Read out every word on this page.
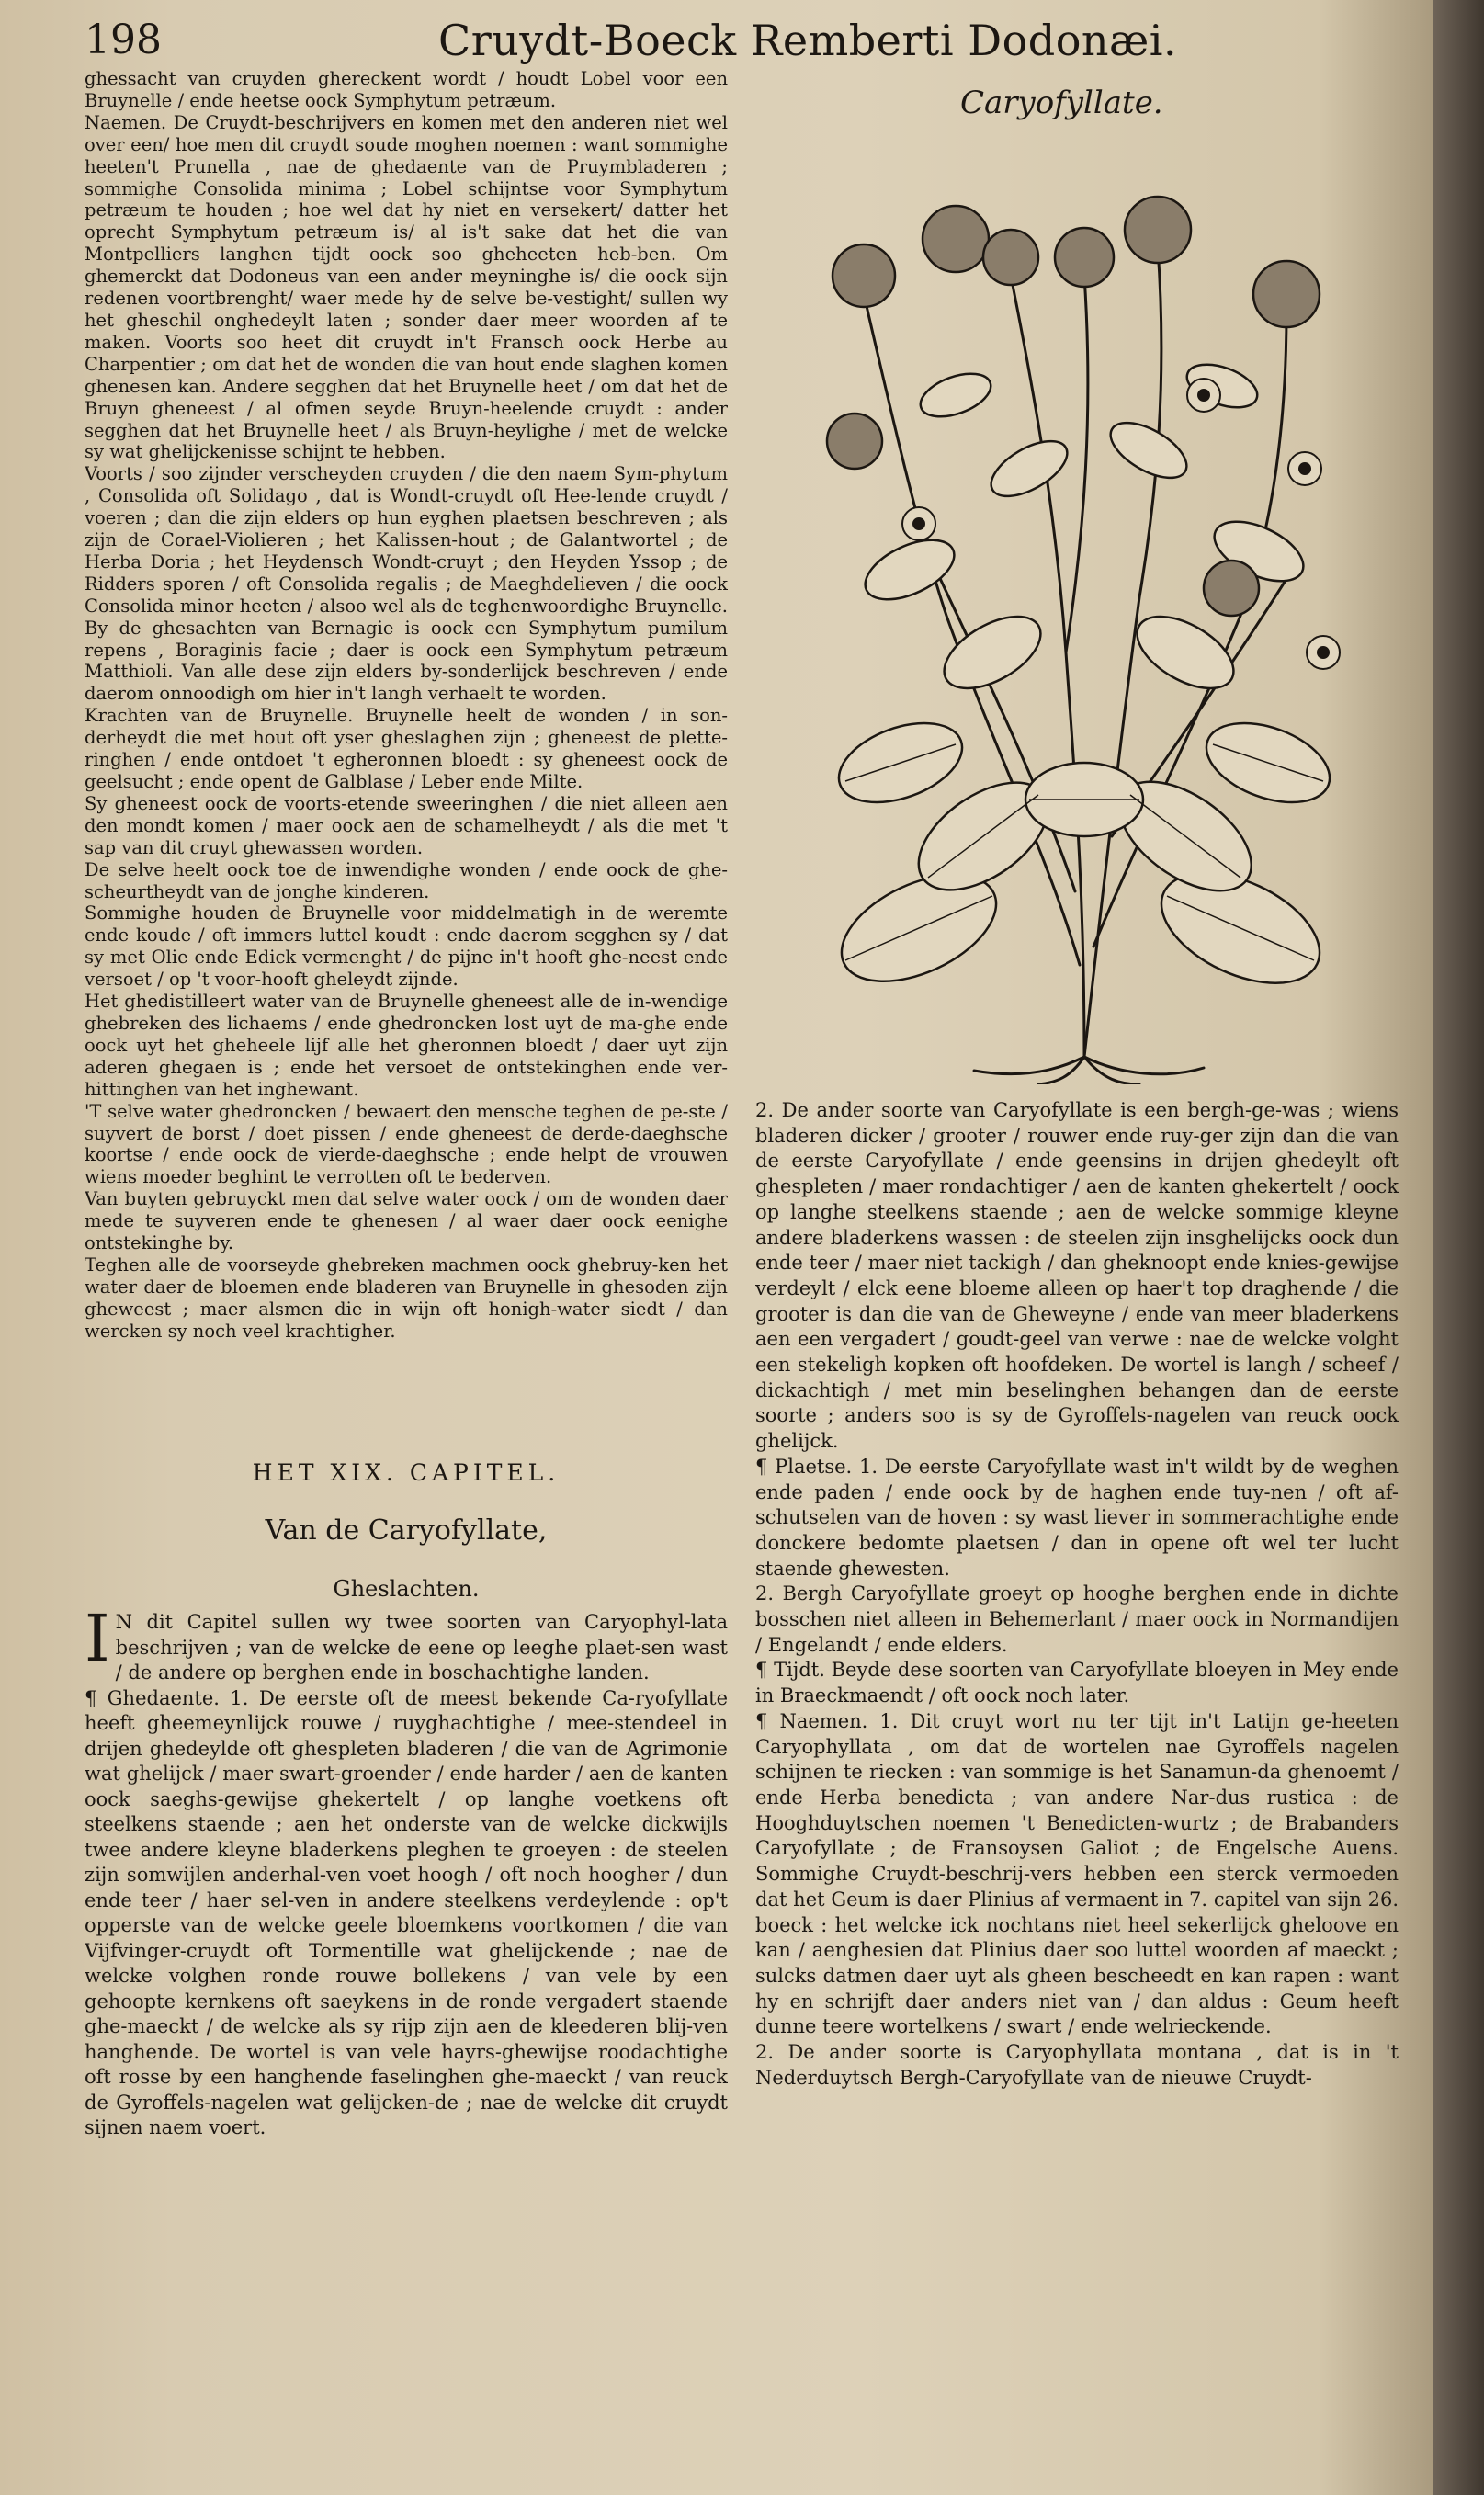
198	Cruydt-Boeck Remberti Dodonæi.

ghessacht van cruyden ghereckent wordt / houdt Lobel voor een Bruynelle / ende heetse oock Symphytum petræum.

Naemen. De Cruydt-beschrijvers en komen met den anderen niet wel over een/ hoe men dit cruydt soude moghen noemen : want sommighe heeten't Prunella , nae de ghedaente van de Pruymbladeren ; sommighe Consolida minima ; Lobel schijntse voor Symphytum petræum te houden ; hoe wel dat hy niet en versekert/ datter het oprecht Symphytum petræum is/ al is't sake dat het die van Montpelliers langhen tijdt oock soo gheheeten heb-ben. Om ghemerckt dat Dodoneus van een ander meyninghe is/ die oock sijn redenen voortbrenght/ waer mede hy de selve be-vestight/ sullen wy het gheschil onghedeylt laten ; sonder daer meer woorden af te maken. Voorts soo heet dit cruydt in't Fransch oock Herbe au Charpentier ; om dat het de wonden die van hout ende slaghen komen ghenesen kan. Andere segghen dat het Bruynelle heet / om dat het de Bruyn gheneest / al ofmen seyde Bruyn-heelende cruydt : ander segghen dat het Bruynelle heet / als Bruyn-heylighe / met de welcke sy wat ghelijckenisse schijnt te hebben.

Voorts / soo zijnder verscheyden cruyden / die den naem Sym-phytum , Consolida oft Solidago , dat is Wondt-cruydt oft Hee-lende cruydt / voeren ; dan die zijn elders op hun eyghen plaetsen beschreven ; als zijn de Corael-Violieren ; het Kalissen-hout ; de Galantwortel ; de Herba Doria ; het Heydensch Wondt-cruyt ; den Heyden Yssop ; de Ridders sporen / oft Consolida regalis ; de Maeghdelieven / die oock Consolida minor heeten / alsoo wel als de teghenwoordighe Bruynelle. By de ghesachten van Bernagie is oock een Symphytum pumilum repens , Boraginis facie ; daer is oock een Symphytum petræum Matthioli. Van alle dese zijn elders by-sonderlijck beschreven / ende daerom onnoodigh om hier in't langh verhaelt te worden.

Krachten van de Bruynelle. Bruynelle heelt de wonden / in son-derheydt die met hout oft yser gheslaghen zijn ; gheneest de plette-ringhen / ende ontdoet 't egheronnen bloedt : sy gheneest oock de geelsucht ; ende opent de Galblase / Leber ende Milte.

Sy gheneest oock de voorts-etende sweeringhen / die niet alleen aen den mondt komen / maer oock aen de schamelheydt / als die met 't sap van dit cruyt ghewassen worden.

De selve heelt oock toe de inwendighe wonden / ende oock de ghe-scheurtheydt van de jonghe kinderen.

Sommighe houden de Bruynelle voor middelmatigh in de weremte ende koude / oft immers luttel koudt : ende daerom segghen sy / dat sy met Olie ende Edick vermenght / de pijne in't hooft ghe-neest ende versoet / op 't voor-hooft gheleydt zijnde.

Het ghedistilleert water van de Bruynelle gheneest alle de in-wendige ghebreken des lichaems / ende ghedroncken lost uyt de ma-ghe ende oock uyt het gheheele lijf alle het gheronnen bloedt / daer uyt zijn aderen ghegaen is ; ende het versoet de ontstekinghen ende ver-hittinghen van het inghewant.

'T selve water ghedroncken / bewaert den mensche teghen de pe-ste / suyvert de borst / doet pissen / ende gheneest de derde-daeghsche koortse / ende oock de vierde-daeghsche ; ende helpt de vrouwen wiens moeder beghint te verrotten oft te bederven.

Van buyten gebruyckt men dat selve water oock / om de wonden daer mede te suyveren ende te ghenesen / al waer daer oock eenighe ontstekinghe by.

Teghen alle de voorseyde ghebreken machmen oock ghebruy-ken het water daer de bloemen ende bladeren van Bruynelle in ghesoden zijn gheweest ; maer alsmen die in wijn oft honigh-water siedt / dan wercken sy noch veel krachtigher.

HET XIX. CAPITEL.
Van de Caryofyllate,
Gheslachten.
I N dit Capitel sullen wy twee soorten van Caryophyl-lata beschrijven ; van de welcke de eene op leeghe plaet-sen wast / de andere op berghen ende in boschachtighe landen.

¶ Ghedaente. 1. De eerste oft de meest bekende Ca-ryofyllate heeft gheemeynlijck rouwe / ruyghachtighe / mee-stendeel in drijen ghedeylde oft ghespleten bladeren / die van de Agrimonie wat ghelijck / maer swart-groender / ende harder / aen de kanten oock saeghs-gewijse ghekertelt / op langhe voetkens oft steelkens staende ; aen het onderste van de welcke dickwijls twee andere kleyne bladerkens pleghen te groeyen : de steelen zijn somwijlen anderhal-ven voet hoogh / oft noch hoogher / dun ende teer / haer sel-ven in andere steelkens verdeylende : op't opperste van de welcke geele bloemkens voortkomen / die van Vijfvinger-cruydt oft Tormentille wat ghelijckende ; nae de welcke volghen ronde rouwe bollekens / van vele by een gehoopte kernkens oft saeykens in de ronde vergadert staende ghe-maeckt / de welcke als sy rijp zijn aen de kleederen blij-ven hanghende. De wortel is van vele hayrs-ghewijse roodachtighe oft rosse by een hanghende faselinghen ghe-maeckt / van reuck de Gyroffels-nagelen wat gelijcken-de ; nae de welcke dit cruydt sijnen naem voert.

Caryofyllate.

2. De ander soorte van Caryofyllate is een bergh-ge-was ; wiens bladeren dicker / grooter / rouwer ende ruy-ger zijn dan die van de eerste Caryofyllate / ende geensins in drijen ghedeylt oft ghespleten / maer rondachtiger / aen de kanten ghekertelt / oock op langhe steelkens staende ; aen de welcke sommige kleyne andere bladerkens wassen : de steelen zijn insghelijcks oock dun ende teer / maer niet tackigh / dan gheknoopt ende knies-gewijse verdeylt / elck eene bloeme alleen op haer't top draghende / die grooter is dan die van de Gheweyne / ende van meer bladerkens aen een vergadert / goudt-geel van verwe : nae de welcke volght een stekeligh kopken oft hoofdeken. De wortel is langh / scheef / dickachtigh / met min beselinghen behangen dan de eerste soorte ; anders soo is sy de Gyroffels-nagelen van reuck oock ghelijck.

¶ Plaetse. 1. De eerste Caryofyllate wast in't wildt by de weghen ende paden / ende oock by de haghen ende tuy-nen / oft af-schutselen van de hoven : sy wast liever in sommerachtighe ende donckere bedomte plaetsen / dan in opene oft wel ter lucht staende ghewesten.

2. Bergh Caryofyllate groeyt op hooghe berghen ende in dichte bosschen niet alleen in Behemerlant / maer oock in Normandijen / Engelandt / ende elders.

¶ Tijdt. Beyde dese soorten van Caryofyllate bloeyen in Mey ende in Braeckmaendt / oft oock noch later.

¶ Naemen. 1. Dit cruyt wort nu ter tijt in't Latijn ge-heeten Caryophyllata , om dat de wortelen nae Gyroffels nagelen schijnen te riecken : van sommige is het Sanamun-da ghenoemt / ende Herba benedicta ; van andere Nar-dus rustica : de Hooghduytschen noemen 't Benedicten-wurtz ; de Brabanders Caryofyllate ; de Fransoysen Galiot ; de Engelsche Auens. Sommighe Cruydt-beschrij-vers hebben een sterck vermoeden dat het Geum is daer Plinius af vermaent in 7. capitel van sijn 26. boeck : het welcke ick nochtans niet heel sekerlijck gheloove en kan / aenghesien dat Plinius daer soo luttel woorden af maeckt ; sulcks datmen daer uyt als gheen bescheedt en kan rapen : want hy en schrijft daer anders niet van / dan aldus : Geum heeft dunne teere wortelkens / swart / ende welrieckende.

2. De ander soorte is Caryophyllata montana , dat is in 't Nederduytsch Bergh-Caryofyllate van de nieuwe Cruydt-
